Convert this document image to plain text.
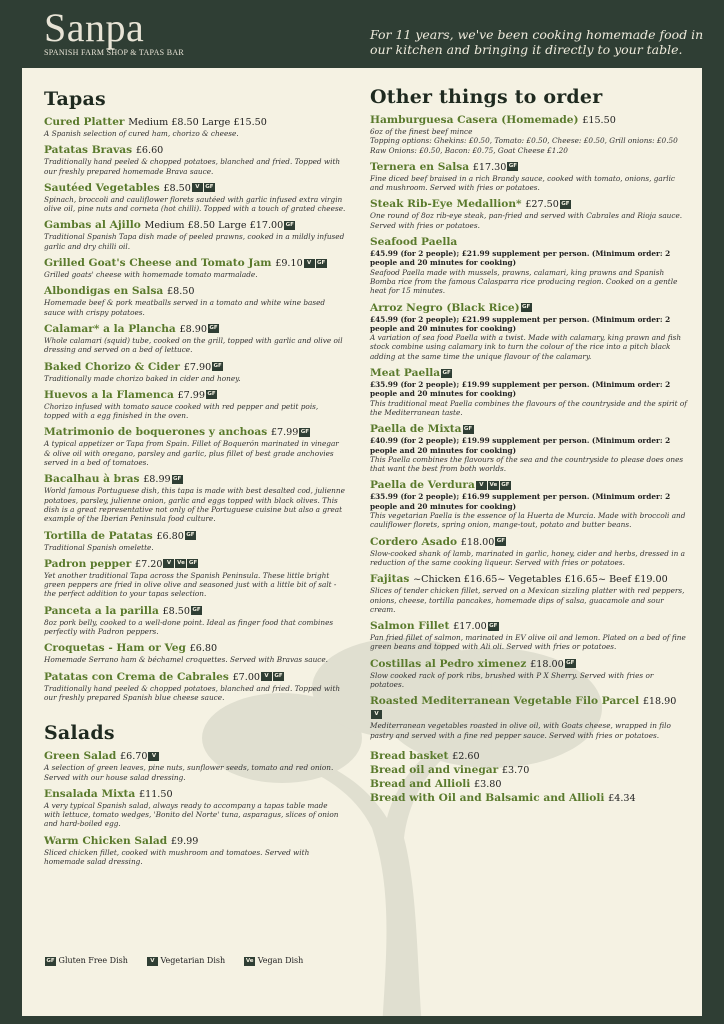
Sanpa
SPANISH FARM SHOP & TAPAS BAR
For 11 years, we've been cooking homemade food in our kitchen and bringing it directly to your table.
Tapas
Cured Platter Medium £8.50 Large £15.50
A Spanish selection of cured ham, chorizo & cheese.
Patatas Bravas £6.60
Traditionally hand peeled & chopped potatoes, blanched and fried. Topped with our freshly prepared homemade Brava sauce.
Sautéed Vegetables £8.50 V GF
Spinach, broccoli and cauliflower florets sautéed with garlic infused extra virgin olive oil, pine nuts and corneta (hot chilli). Topped with a touch of grated cheese.
Gambas al Ajillo Medium £8.50 Large £17.00 GF
Traditional Spanish Tapa dish made of peeled prawns, cooked in a mildly infused garlic and dry chilli oil.
Grilled Goat's Cheese and Tomato Jam £9.10 V GF
Grilled goats' cheese with homemade tomato marmalade.
Albondigas en Salsa £8.50
Homemade beef & pork meatballs served in a tomato and white wine based sauce with crispy potatoes.
Calamar* a la Plancha £8.90 GF
Whole calamari (squid) tube, cooked on the grill, topped with garlic and olive oil dressing and served on a bed of lettuce.
Baked Chorizo & Cider £7.90 GF
Traditionally made chorizo baked in cider and honey.
Huevos a la Flamenca £7.99 GF
Chorizo infused with tomato sauce cooked with red pepper and petit pois, topped with a egg finished in the oven.
Matrimonio de boquerones y anchoas £7.99 GF
A typical appetizer or Tapa from Spain. Fillet of Boquerón marinated in vinegar & olive oil with oregano, parsley and garlic, plus fillet of best grade anchovies served in a bed of tomatoes.
Bacalhau à bras £8.99 GF
World famous Portuguese dish, this tapa is made with best desalted cod, julienne potatoes, parsley, julienne onion, garlic and eggs topped with black olives. This dish is a great representative not only of the Portuguese cuisine but also a great example of the Iberian Peninsula food culture.
Tortilla de Patatas £6.80 GF
Traditional Spanish omelette.
Padron pepper £7.20 V Ve GF
Yet another traditional Tapa across the Spanish Peninsula. These little bright green peppers are fried in olive olive and seasoned just with a little bit of salt - the perfect addition to your tapas selection.
Panceta a la parilla £8.50 GF
8oz pork belly, cooked to a well-done point. Ideal as finger food that combines perfectly with Padron peppers.
Croquetas - Ham or Veg £6.80
Homemade Serrano ham & béchamel croquettes. Served with Bravas sauce.
Patatas con Crema de Cabrales £7.00 V GF
Traditionally hand peeled & chopped potatoes, blanched and fried. Topped with our freshly prepared Spanish blue cheese sauce.
Salads
Green Salad £6.70 V
A selection of green leaves, pine nuts, sunflower seeds, tomato and red onion. Served with our house salad dressing.
Ensalada Mixta £11.50
A very typical Spanish salad, always ready to accompany a tapas table made with lettuce, tomato wedges, 'Bonito del Norte' tuna, asparagus, slices of onion and hard-boiled egg.
Warm Chicken Salad £9.99
Sliced chicken fillet, cooked with mushroom and tomatoes. Served with homemade salad dressing.
Other things to order
Hamburguesa Casera (Homemade) £15.50
6oz of the finest beef mince
Topping options: Ghekins: £0.50, Tomato: £0.50, Cheese: £0.50, Grill onions: £0.50 Raw Onions: £0.50, Bacon: £0.75, Goat Cheese £1.20
Ternera en Salsa £17.30 GF
Fine diced beef braised in a rich Brandy sauce, cooked with tomato, onions, garlic and mushroom. Served with fries or potatoes.
Steak Rib-Eye Medallion* £27.50 GF
One round of 8oz rib-eye steak, pan-fried and served with Cabrales and Rioja sauce. Served with fries or potatoes.
Seafood Paella
£45.99 (for 2 people); £21.99 supplement per person. (Minimum order: 2 people and 20 minutes for cooking)
Seafood Paella made with mussels, prawns, calamari, king prawns and Spanish Bomba rice from the famous Calasparra rice producing region. Cooked on a gentle heat for 15 minutes.
Arroz Negro (Black Rice) GF
£45.99 (for 2 people); £21.99 supplement per person. (Minimum order: 2 people and 20 minutes for cooking)
A variation of sea food Paella with a twist. Made with calamary, king prawn and fish stock combine using calamary ink to turn the colour of the rice into a pitch black adding at the same time the unique flavour of the calamary.
Meat Paella GF
£35.99 (for 2 people); £19.99 supplement per person. (Minimum order: 2 people and 20 minutes for cooking)
This traditional meat Paella combines the flavours of the countryside and the spirit of the Mediterranean taste.
Paella de Mixta GF
£40.99 (for 2 people); £19.99 supplement per person. (Minimum order: 2 people and 20 minutes for cooking)
This Paella combines the flavours of the sea and the countryside to please does ones that want the best from both worlds.
Paella de Verdura V Ve GF
£35.99 (for 2 people); £16.99 supplement per person. (Minimum order: 2 people and 20 minutes for cooking)
This vegetarian Paella is the essence of la Huerta de Murcia. Made with broccoli and cauliflower florets, spring onion, mange-tout, potato and butter beans.
Cordero Asado £18.00 GF
Slow-cooked shank of lamb, marinated in garlic, honey, cider and herbs, dressed in a reduction of the same cooking liqueur. Served with fries or potatoes.
Fajitas ~Chicken £16.65~ Vegetables £16.65~ Beef £19.00
Slices of tender chicken fillet, served on a Mexican sizzling platter with red peppers, onions, cheese, tortilla pancakes, homemade dips of salsa, guacamole and sour cream.
Salmon Fillet £17.00 GF
Pan fried fillet of salmon, marinated in EV olive oil and lemon. Plated on a bed of fine green beans and topped with Ali oli. Served with fries or potatoes.
Costillas al Pedro ximenez £18.00 GF
Slow cooked rack of pork ribs, brushed with P X Sherry. Served with fries or potatoes.
Roasted Mediterranean Vegetable Filo Parcel £18.90V
Mediterranean vegetables roasted in olive oil, with Goats cheese, wrapped in filo pastry and served with a fine red pepper sauce. Served with fries or potatoes.
Bread basket £2.60
Bread oil and vinegar £3.70
Bread and Allioli £3.80
Bread with Oil and Balsamic and Allioli £4.34
GF Gluten Free Dish	V Vegetarian Dish	Ve Vegan Dish
